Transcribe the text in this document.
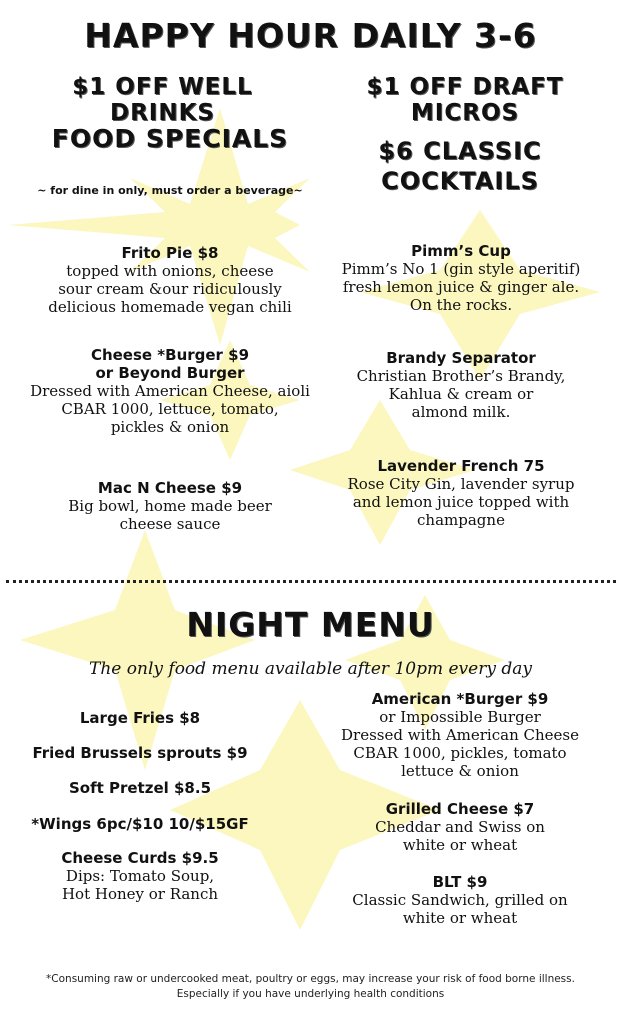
HAPPY HOUR DAILY 3-6
$1 OFF WELL DRINKS
$1 OFF DRAFT MICROS
FOOD SPECIALS
~ for dine in only, must order a beverage~
Frito Pie $8
topped with onions, cheese
sour cream &our ridiculously
delicious homemade vegan chili
Cheese *Burger $9
or Beyond Burger
Dressed with American Cheese, aioli
CBAR 1000, lettuce, tomato,
pickles & onion
Mac N Cheese $9
Big bowl, home made beer
cheese sauce
$6 CLASSIC
COCKTAILS
Pimm’s Cup
Pimm’s No 1 (gin style aperitif)
fresh lemon juice & ginger ale.
On the rocks.
Brandy Separator
Christian Brother’s Brandy,
Kahlua & cream or
almond milk.
Lavender French 75
Rose City Gin, lavender syrup
and lemon juice topped with
champagne
NIGHT MENU
The only food menu available after 10pm every day
Large Fries $8
Fried Brussels sprouts $9
Soft Pretzel $8.5
*Wings 6pc/$10 10/$15GF
Cheese Curds $9.5
Dips: Tomato Soup,
Hot Honey or Ranch
American *Burger $9
or Impossible Burger
Dressed with American Cheese
CBAR 1000, pickles, tomato
lettuce & onion
Grilled Cheese $7
Cheddar and Swiss on
white or wheat
BLT $9
Classic Sandwich, grilled on
white or wheat
*Consuming raw or undercooked meat, poultry or eggs, may increase your risk of food borne illness.
Especially if you have underlying health conditions
